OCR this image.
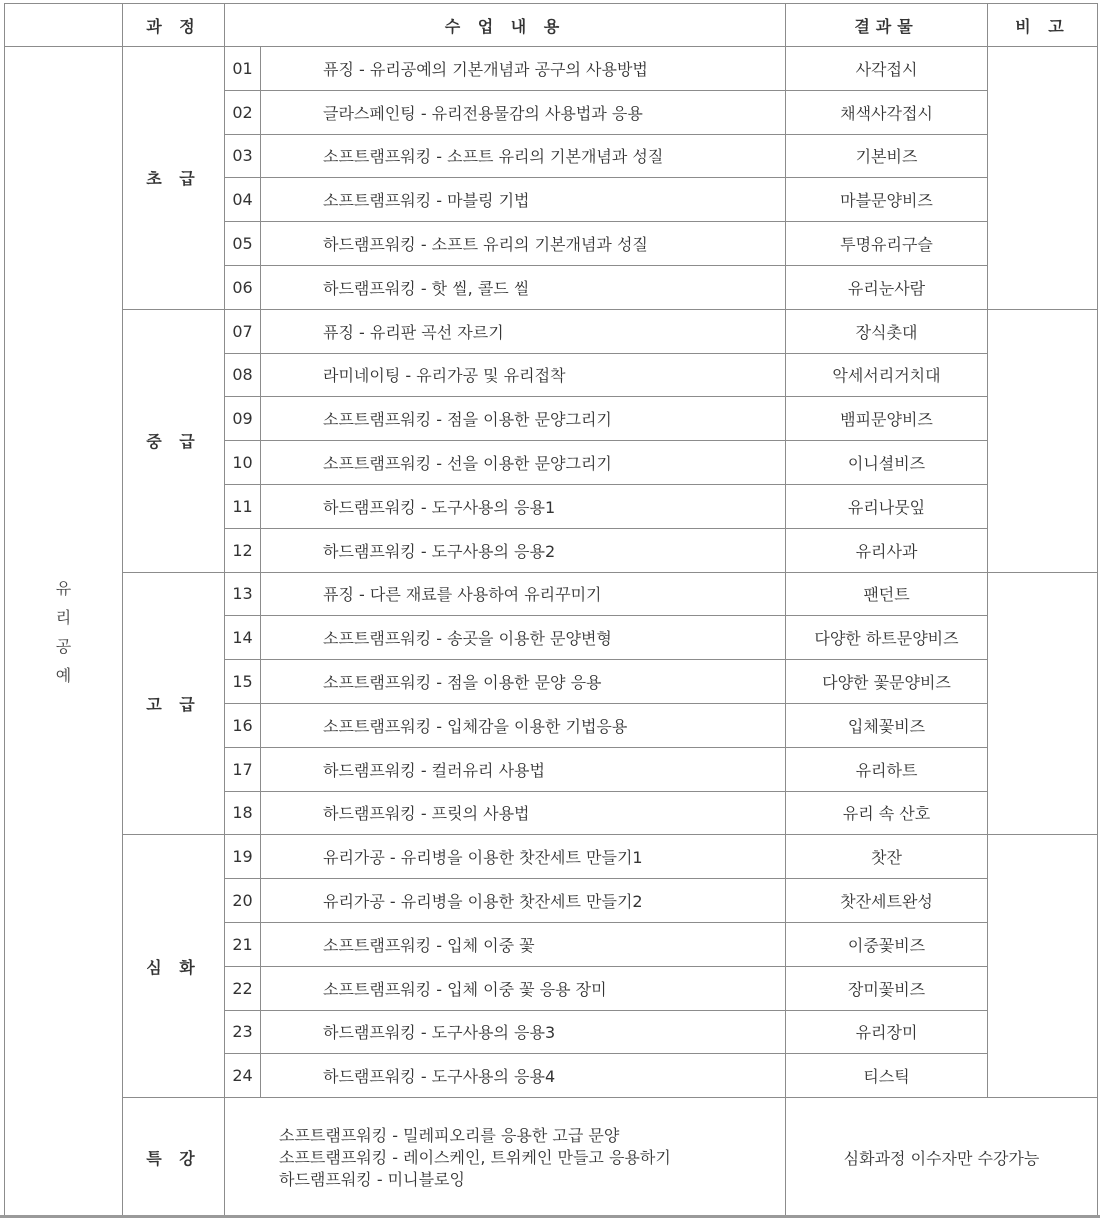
	과 정	수 업 내 용		결과물	비 고

유
리
공
예	초 급	01	퓨징 - 유리공예의 기본개념과 공구의 사용방법	사각접시	
		02	글라스페인팅 - 유리전용물감의 사용법과 응용	채색사각접시	
		03	소프트램프워킹 - 소프트 유리의 기본개념과 성질	기본비즈	
		04	소프트램프워킹 - 마블링 기법	마블문양비즈	
		05	하드램프워킹 - 소프트 유리의 기본개념과 성질	투명유리구슬	
		06	하드램프워킹 - 핫 씰, 콜드 씰	유리눈사람	
	중 급	07	퓨징 - 유리판 곡선 자르기	장식촛대	
		08	라미네이팅 - 유리가공 및 유리접착	악세서리거치대	
		09	소프트램프워킹 - 점을 이용한 문양그리기	뱀피문양비즈	
		10	소프트램프워킹 - 선을 이용한 문양그리기	이니셜비즈	
		11	하드램프워킹 - 도구사용의 응용1	유리나뭇잎	
		12	하드램프워킹 - 도구사용의 응용2	유리사과	
	고 급	13	퓨징 - 다른 재료를 사용하여 유리꾸미기	팬던트	
		14	소프트램프워킹 - 송곳을 이용한 문양변형	다양한 하트문양비즈	
		15	소프트램프워킹 - 점을 이용한 문양 응용	다양한 꽃문양비즈	
		16	소프트램프워킹 - 입체감을 이용한 기법응용	입체꽃비즈	
		17	하드램프워킹 - 컬러유리 사용법	유리하트	
		18	하드램프워킹 - 프릿의 사용법	유리 속 산호	
	심 화	19	유리가공 - 유리병을 이용한 찻잔세트 만들기1	찻잔	
		20	유리가공 - 유리병을 이용한 찻잔세트 만들기2	찻잔세트완성	
		21	소프트램프워킹 - 입체 이중 꽃	이중꽃비즈	
		22	소프트램프워킹 - 입체 이중 꽃 응용 장미	장미꽃비즈	
		23	하드램프워킹 - 도구사용의 응용3	유리장미	
		24	하드램프워킹 - 도구사용의 응용4	티스틱	
	특 강	소프트램프워킹 - 밀레피오리를 응용한 고급 문양
소프트램프워킹 - 레이스케인, 트위케인 만들고 응용하기
하드램프워킹 - 미니블로잉		심화과정 이수자만 수강가능	
